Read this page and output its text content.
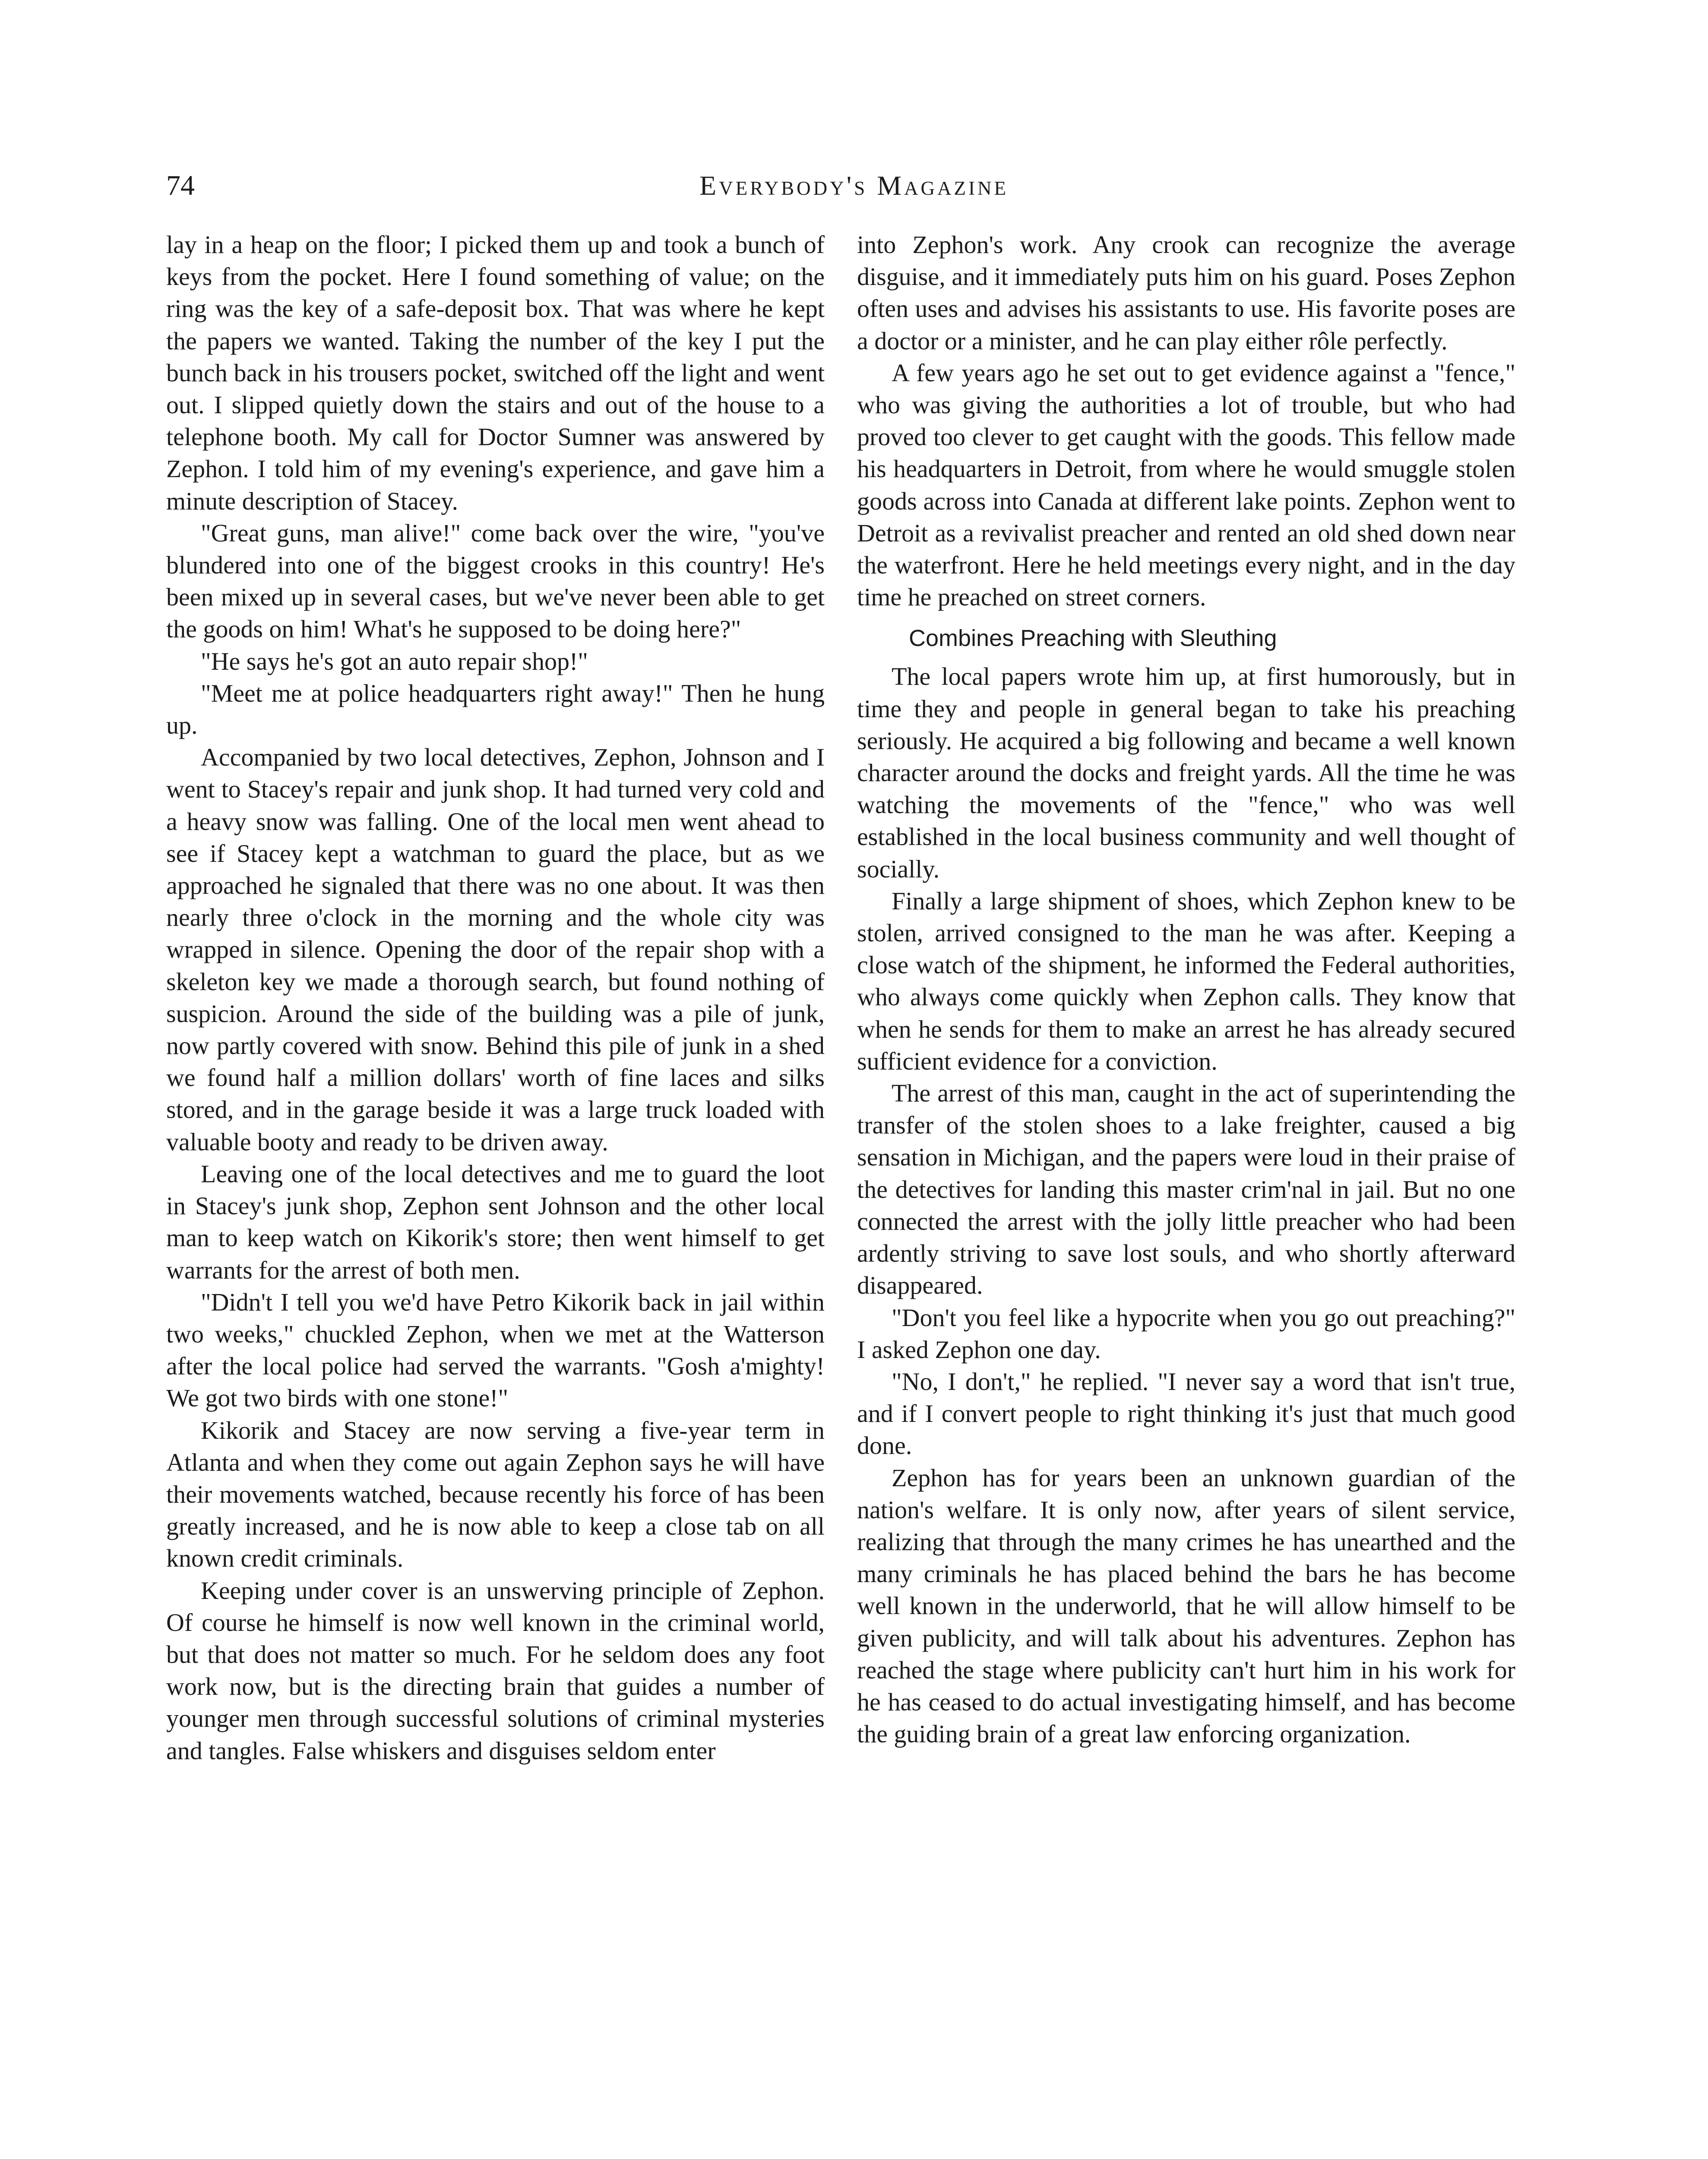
74	Everybody's Magazine

lay in a heap on the floor; I picked them up and took a bunch of keys from the pocket. Here I found something of value; on the ring was the key of a safe-deposit box. That was where he kept the papers we wanted. Taking the number of the key I put the bunch back in his trousers pocket, switched off the light and went out. I slipped quietly down the stairs and out of the house to a telephone booth. My call for Doctor Sumner was answered by Zephon. I told him of my evening's experience, and gave him a minute description of Stacey.

"Great guns, man alive!" come back over the wire, "you've blundered into one of the biggest crooks in this country! He's been mixed up in several cases, but we've never been able to get the goods on him! What's he supposed to be doing here?"

"He says he's got an auto repair shop!"

"Meet me at police headquarters right away!" Then he hung up.

Accompanied by two local detectives, Zephon, Johnson and I went to Stacey's repair and junk shop. It had turned very cold and a heavy snow was falling. One of the local men went ahead to see if Stacey kept a watchman to guard the place, but as we approached he signaled that there was no one about. It was then nearly three o'clock in the morning and the whole city was wrapped in silence. Opening the door of the repair shop with a skeleton key we made a thorough search, but found nothing of suspicion. Around the side of the building was a pile of junk, now partly covered with snow. Behind this pile of junk in a shed we found half a million dollars' worth of fine laces and silks stored, and in the garage beside it was a large truck loaded with valuable booty and ready to be driven away.

Leaving one of the local detectives and me to guard the loot in Stacey's junk shop, Zephon sent Johnson and the other local man to keep watch on Kikorik's store; then went himself to get warrants for the arrest of both men.

"Didn't I tell you we'd have Petro Kikorik back in jail within two weeks," chuckled Zephon, when we met at the Watterson after the local police had served the warrants. "Gosh a'mighty! We got two birds with one stone!"

Kikorik and Stacey are now serving a five-year term in Atlanta and when they come out again Zephon says he will have their movements watched, because recently his force of has been greatly increased, and he is now able to keep a close tab on all known credit criminals.

Keeping under cover is an unswerving principle of Zephon. Of course he himself is now well known in the criminal world, but that does not matter so much. For he seldom does any foot work now, but is the directing brain that guides a number of younger men through successful solutions of criminal mysteries and tangles. False whiskers and disguises seldom enter

into Zephon's work. Any crook can recognize the average disguise, and it immediately puts him on his guard. Poses Zephon often uses and advises his assistants to use. His favorite poses are a doctor or a minister, and he can play either rôle perfectly.

A few years ago he set out to get evidence against a "fence," who was giving the authorities a lot of trouble, but who had proved too clever to get caught with the goods. This fellow made his headquarters in Detroit, from where he would smuggle stolen goods across into Canada at different lake points. Zephon went to Detroit as a revivalist preacher and rented an old shed down near the waterfront. Here he held meetings every night, and in the day time he preached on street corners.

Combines Preaching with Sleuthing

The local papers wrote him up, at first humorously, but in time they and people in general began to take his preaching seriously. He acquired a big following and became a well known character around the docks and freight yards. All the time he was watching the movements of the "fence," who was well established in the local business community and well thought of socially.

Finally a large shipment of shoes, which Zephon knew to be stolen, arrived consigned to the man he was after. Keeping a close watch of the shipment, he informed the Federal authorities, who always come quickly when Zephon calls. They know that when he sends for them to make an arrest he has already secured sufficient evidence for a conviction.

The arrest of this man, caught in the act of superintending the transfer of the stolen shoes to a lake freighter, caused a big sensation in Michigan, and the papers were loud in their praise of the detectives for landing this master crim'nal in jail. But no one connected the arrest with the jolly little preacher who had been ardently striving to save lost souls, and who shortly afterward disappeared.

"Don't you feel like a hypocrite when you go out preaching?" I asked Zephon one day.

"No, I don't," he replied. "I never say a word that isn't true, and if I convert people to right thinking it's just that much good done.

Zephon has for years been an unknown guardian of the nation's welfare. It is only now, after years of silent service, realizing that through the many crimes he has unearthed and the many criminals he has placed behind the bars he has become well known in the underworld, that he will allow himself to be given publicity, and will talk about his adventures. Zephon has reached the stage where publicity can't hurt him in his work for he has ceased to do actual investigating himself, and has become the guiding brain of a great law enforcing organization.
